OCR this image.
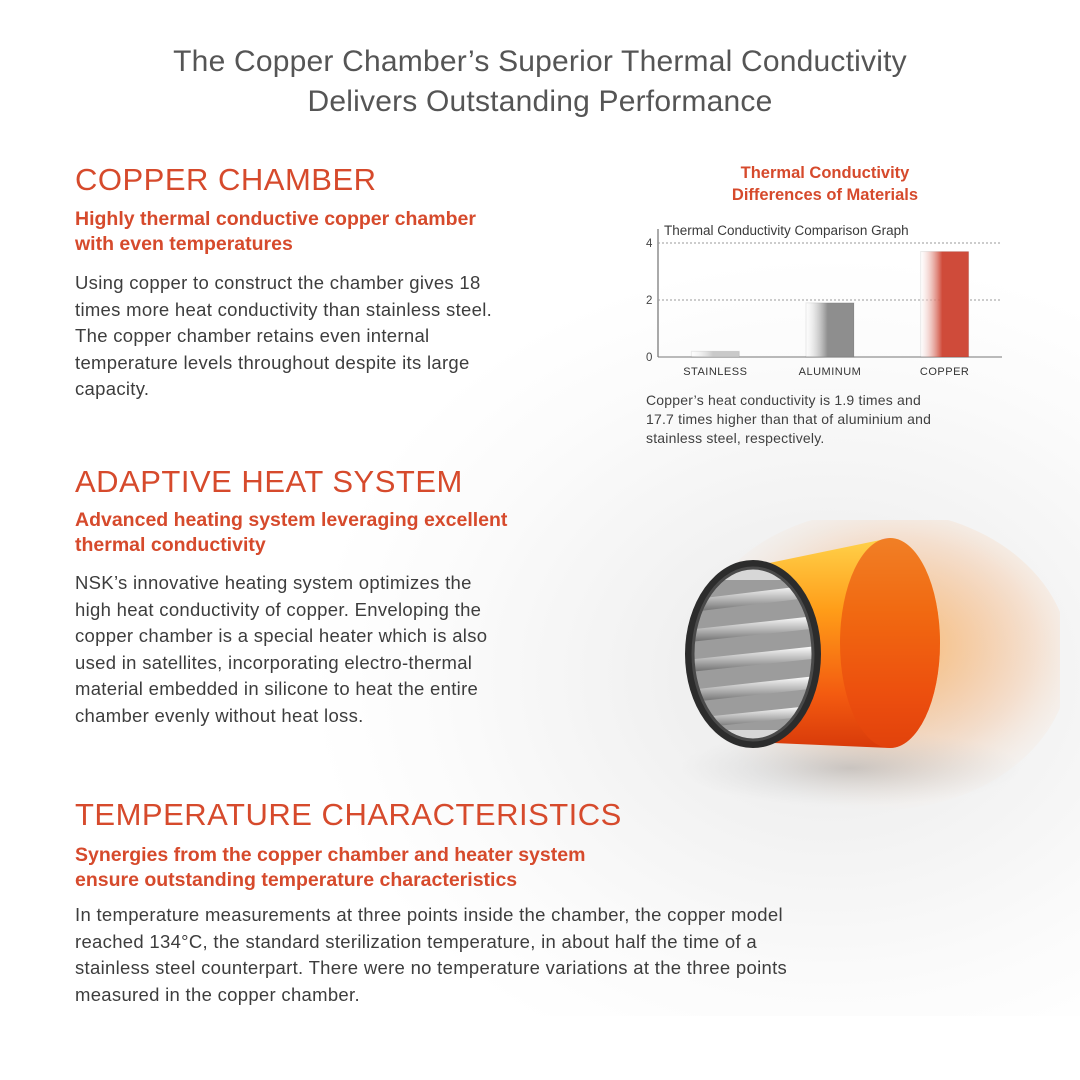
The Copper Chamber’s Superior Thermal Conductivity
Delivers Outstanding Performance
COPPER CHAMBER
Highly thermal conductive copper chamber
with even temperatures
Using copper to construct the chamber gives 18
times more heat conductivity than stainless steel.
The copper chamber retains even internal
temperature levels throughout despite its large
capacity.
ADAPTIVE HEAT SYSTEM
Advanced heating system leveraging excellent
thermal conductivity
NSK’s innovative heating system optimizes the
high heat conductivity of copper. Enveloping the
copper chamber is a special heater which is also
used in satellites, incorporating electro-thermal
material embedded in silicone to heat the entire
chamber evenly without heat loss.
TEMPERATURE CHARACTERISTICS
Synergies from the copper chamber and heater system
ensure outstanding temperature characteristics
In temperature measurements at three points inside the chamber, the copper model
reached 134°C, the standard sterilization temperature, in about half the time of a
stainless steel counterpart. There were no temperature variations at the three points
measured in the copper chamber.
Thermal Conductivity
Differences of Materials
Thermal Conductivity Comparison Graph
0
2
4
STAINLESS	ALUMINUM	COPPER
Copper’s heat conductivity is 1.9 times and
17.7 times higher than that of aluminium and
stainless steel, respectively.
